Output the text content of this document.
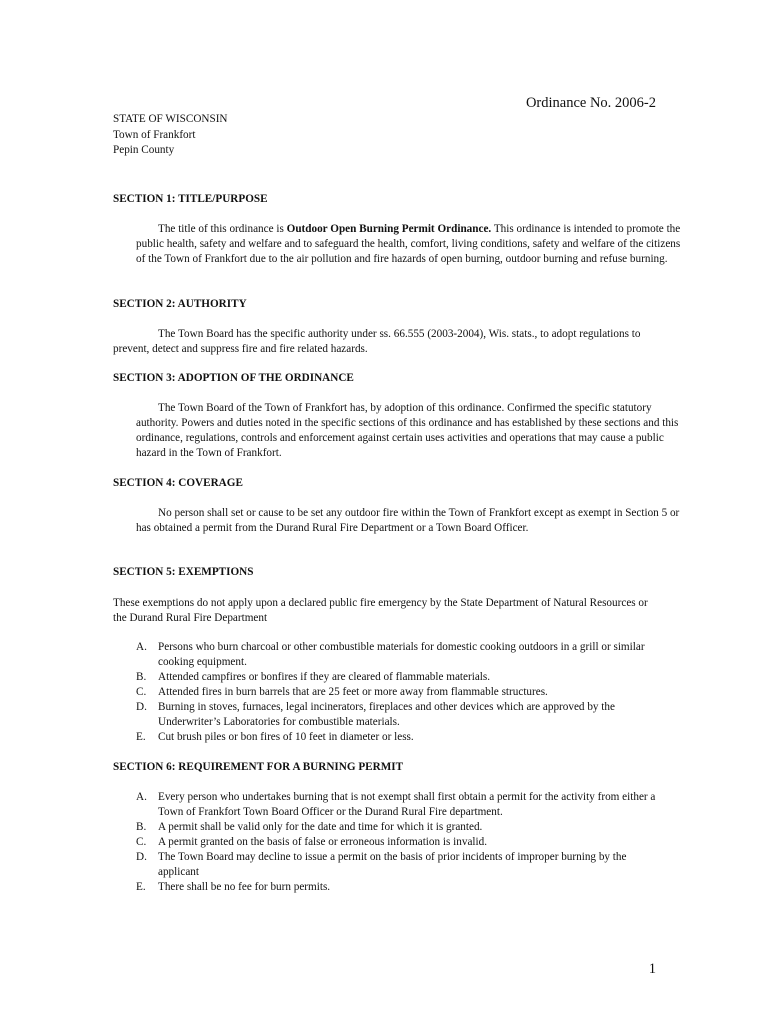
Ordinance No. 2006-2
STATE OF WISCONSIN
Town of Frankfort
Pepin County
SECTION 1: TITLE/PURPOSE
The title of this ordinance is Outdoor Open Burning Permit Ordinance. This ordinance is intended to promote the public health, safety and welfare and to safeguard the health, comfort, living conditions, safety and welfare of the citizens of the Town of Frankfort due to the air pollution and fire hazards of open burning, outdoor burning and refuse burning.
SECTION 2: AUTHORITY
The Town Board has the specific authority under ss. 66.555 (2003-2004), Wis. stats., to adopt regulations to prevent, detect and suppress fire and fire related hazards.
SECTION 3: ADOPTION OF THE ORDINANCE
The Town Board of the Town of Frankfort has, by adoption of this ordinance. Confirmed the specific statutory authority. Powers and duties noted in the specific sections of this ordinance and has established by these sections and this ordinance, regulations, controls and enforcement against certain uses activities and operations that may cause a public hazard in the Town of Frankfort.
SECTION 4: COVERAGE
No person shall set or cause to be set any outdoor fire within the Town of Frankfort except as exempt in Section 5 or has obtained a permit from the Durand Rural Fire Department or a Town Board Officer.
SECTION 5: EXEMPTIONS
These exemptions do not apply upon a declared public fire emergency by the State Department of Natural Resources or the Durand Rural Fire Department
A. Persons who burn charcoal or other combustible materials for domestic cooking outdoors in a grill or similar cooking equipment.
B. Attended campfires or bonfires if they are cleared of flammable materials.
C. Attended fires in burn barrels that are 25 feet or more away from flammable structures.
D. Burning in stoves, furnaces, legal incinerators, fireplaces and other devices which are approved by the Underwriter’s Laboratories for combustible materials.
E. Cut brush piles or bon fires of 10 feet in diameter or less.
SECTION 6: REQUIREMENT FOR A BURNING PERMIT
A. Every person who undertakes burning that is not exempt shall first obtain a permit for the activity from either a Town of Frankfort Town Board Officer or the Durand Rural Fire department.
B. A permit shall be valid only for the date and time for which it is granted.
C. A permit granted on the basis of false or erroneous information is invalid.
D. The Town Board may decline to issue a permit on the basis of prior incidents of improper burning by the applicant
E. There shall be no fee for burn permits.
1
